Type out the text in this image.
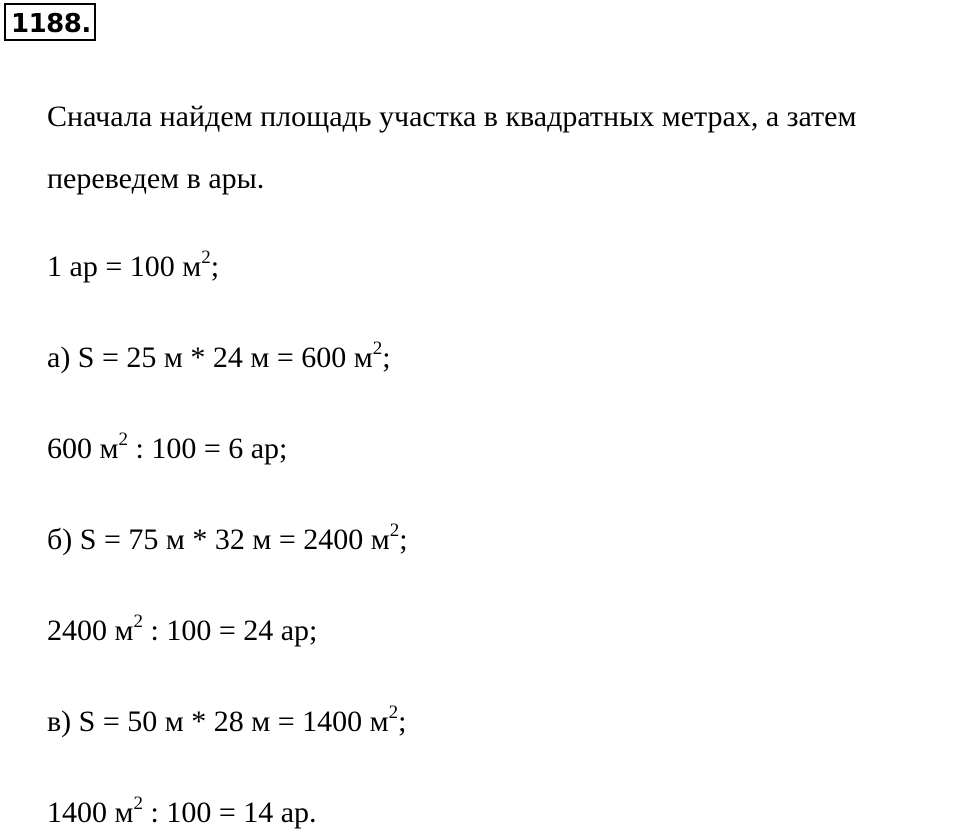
1188.
Сначала найдем площадь участка в квадратных метрах, а затем
переведем в ары.
1 ар = 100 $м^2$;
а) S = 25 м * 24 м = 600 $м^2$;
600 $м^2$ : 100 = 6 ар;
б) S = 75 м * 32 м = 2400 $м^2$;
2400 $м^2$ : 100 = 24 ар;
в) S = 50 м * 28 м = 1400 $м^2$;
1400 $м^2$ : 100 = 14 ар.
